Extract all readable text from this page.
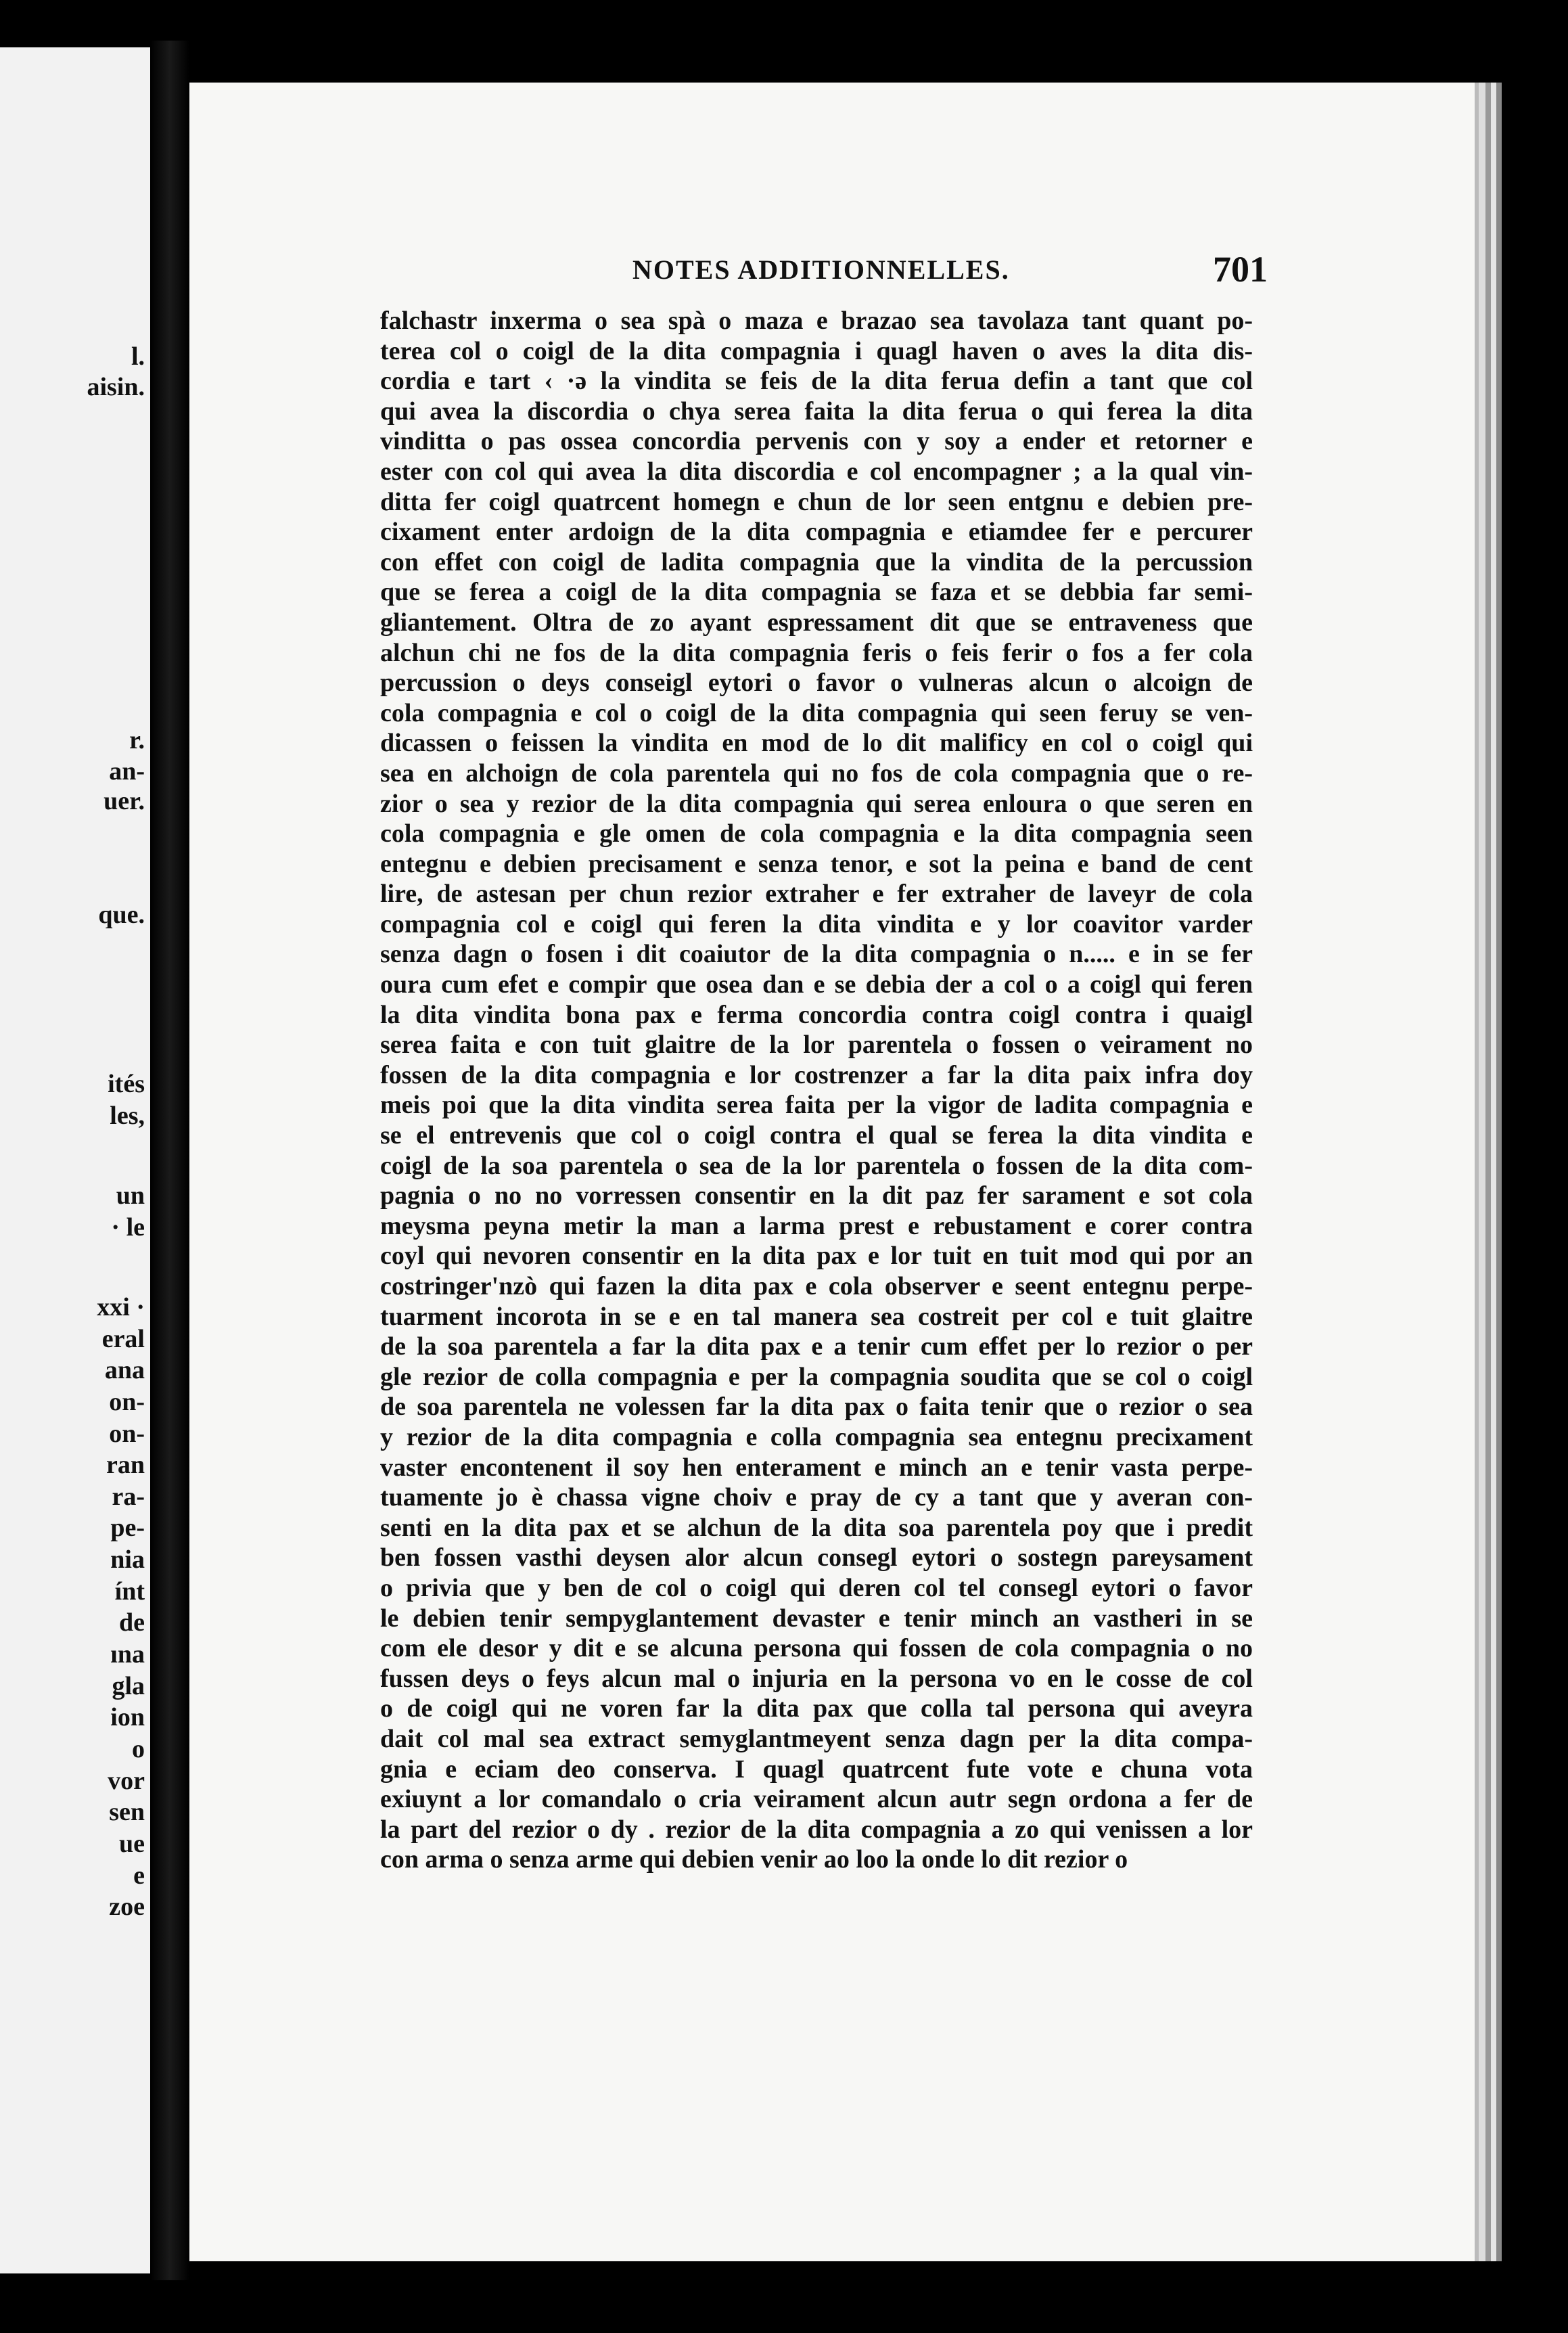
l.
aisin.
r.
an-
uer.
que.
ités
les,
un
· le
xxi ·
eral
ana
on-
on-
ran
ra-
pe-
nia
ínt
de
ına
gla
ion
o
vor
sen
ue
e
zoe
NOTES ADDITIONNELLES.	701
falchastr inxerma o sea spà o maza e brazao sea tavolaza tant quant po-
terea col o coigl de la dita compagnia i quagl haven o aves la dita dis-
cordia e tart ‹ ·ə la vindita se feis de la dita ferua defin a tant que col
qui avea la discordia o chya serea faita la dita ferua o qui ferea la dita
vinditta o pas ossea concordia pervenis con y soy a ender et retorner e
ester con col qui avea la dita discordia e col encompagner ; a la qual vin-
ditta fer coigl quatrcent homegn e chun de lor seen entgnu e debien pre-
cixament enter ardoign de la dita compagnia e etiamdee fer e percurer
con effet con coigl de ladita compagnia que la vindita de la percussion
que se ferea a coigl de la dita compagnia se faza et se debbia far semi-
gliantement. Oltra de zo ayant espressament dit que se entraveness que
alchun chi ne fos de la dita compagnia feris o feis ferir o fos a fer cola
percussion o deys conseigl eytori o favor o vulneras alcun o alcoign de
cola compagnia e col o coigl de la dita compagnia qui seen feruy se ven-
dicassen o feissen la vindita en mod de lo dit malificy en col o coigl qui
sea en alchoign de cola parentela qui no fos de cola compagnia que o re-
zior o sea y rezior de la dita compagnia qui serea enloura o que seren en
cola compagnia e gle omen de cola compagnia e la dita compagnia seen
entegnu e debien precisament e senza tenor, e sot la peina e band de cent
lire, de astesan per chun rezior extraher e fer extraher de laveyr de cola
compagnia col e coigl qui feren la dita vindita e y lor coavitor varder
senza dagn o fosen i dit coaiutor de la dita compagnia o n..... e in se fer
oura cum efet e compir que osea dan e se debia der a col o a coigl qui feren
la dita vindita bona pax e ferma concordia contra coigl contra i quaigl
serea faita e con tuit glaitre de la lor parentela o fossen o veirament no
fossen de la dita compagnia e lor costrenzer a far la dita paix infra doy
meis poi que la dita vindita serea faita per la vigor de ladita compagnia e
se el entrevenis que col o coigl contra el qual se ferea la dita vindita e
coigl de la soa parentela o sea de la lor parentela o fossen de la dita com-
pagnia o no no vorressen consentir en la dit paz fer sarament e sot cola
meysma peyna metir la man a larma prest e rebustament e corer contra
coyl qui nevoren consentir en la dita pax e lor tuit en tuit mod qui por an
costringer'nzò qui fazen la dita pax e cola observer e seent entegnu perpe-
tuarment incorota in se e en tal manera sea costreit per col e tuit glaitre
de la soa parentela a far la dita pax e a tenir cum effet per lo rezior o per
gle rezior de colla compagnia e per la compagnia soudita que se col o coigl
de soa parentela ne volessen far la dita pax o faita tenir que o rezior o sea
y rezior de la dita compagnia e colla compagnia sea entegnu precixament
vaster encontenent il soy hen enterament e minch an e tenir vasta perpe-
tuamente jo è chassa vigne choiv e pray de cy a tant que y averan con-
senti en la dita pax et se alchun de la dita soa parentela poy que i predit
ben fossen vasthi deysen alor alcun consegl eytori o sostegn pareysament
o privia que y ben de col o coigl qui deren col tel consegl eytori o favor
le debien tenir sempyglantement devaster e tenir minch an vastheri in se
com ele desor y dit e se alcuna persona qui fossen de cola compagnia o no
fussen deys o feys alcun mal o injuria en la persona vo en le cosse de col
o de coigl qui ne voren far la dita pax que colla tal persona qui aveyra
dait col mal sea extract semyglantmeyent senza dagn per la dita compa-
gnia e eciam deo conserva. I quagl quatrcent fute vote e chuna vota
exiuynt a lor comandalo o cria veirament alcun autr segn ordona a fer de
la part del rezior o dy . rezior de la dita compagnia a zo qui venissen a lor
con arma o senza arme qui debien venir ao loo la onde lo dit rezior o
